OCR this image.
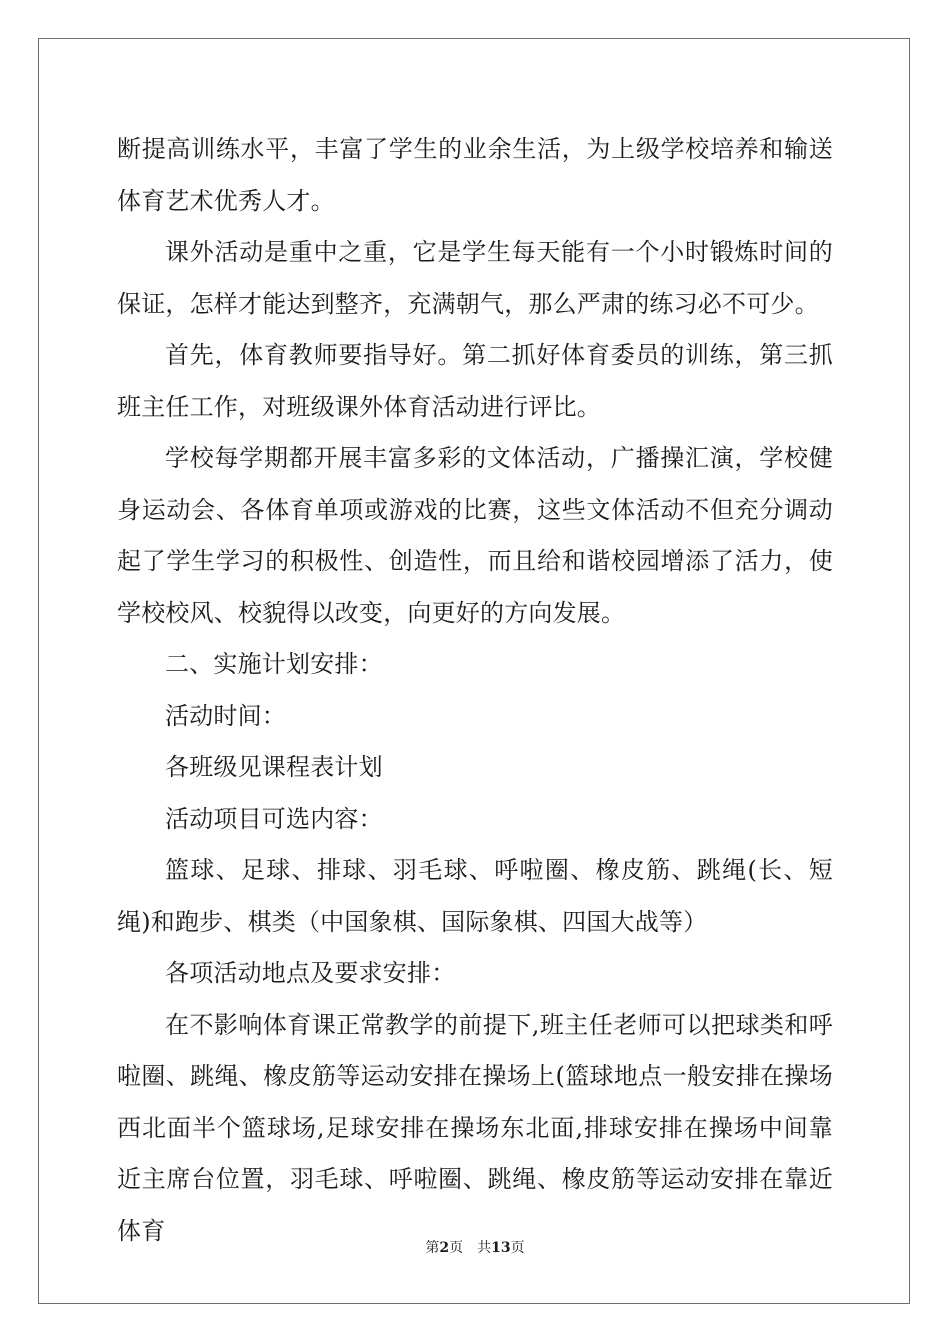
断提高训练水平，丰富了学生的业余生活，为上级学校培养和输送体育艺术优秀人才。

课外活动是重中之重，它是学生每天能有一个小时锻炼时间的保证，怎样才能达到整齐，充满朝气，那么严肃的练习必不可少。

首先，体育教师要指导好。第二抓好体育委员的训练，第三抓班主任工作，对班级课外体育活动进行评比。

学校每学期都开展丰富多彩的文体活动，广播操汇演，学校健身运动会、各体育单项或游戏的比赛，这些文体活动不但充分调动起了学生学习的积极性、创造性，而且给和谐校园增添了活力，使学校校风、校貌得以改变，向更好的方向发展。

二、实施计划安排：

活动时间：

各班级见课程表计划

活动项目可选内容：

篮球、足球、排球、羽毛球、呼啦圈、橡皮筋、跳绳(长、短绳)和跑步、棋类（中国象棋、国际象棋、四国大战等）

各项活动地点及要求安排：

在不影响体育课正常教学的前提下,班主任老师可以把球类和呼啦圈、跳绳、橡皮筋等运动安排在操场上(篮球地点一般安排在操场西北面半个篮球场,足球安排在操场东北面,排球安排在操场中间靠近主席台位置，羽毛球、呼啦圈、跳绳、橡皮筋等运动安排在靠近体育

第2页 共13页
